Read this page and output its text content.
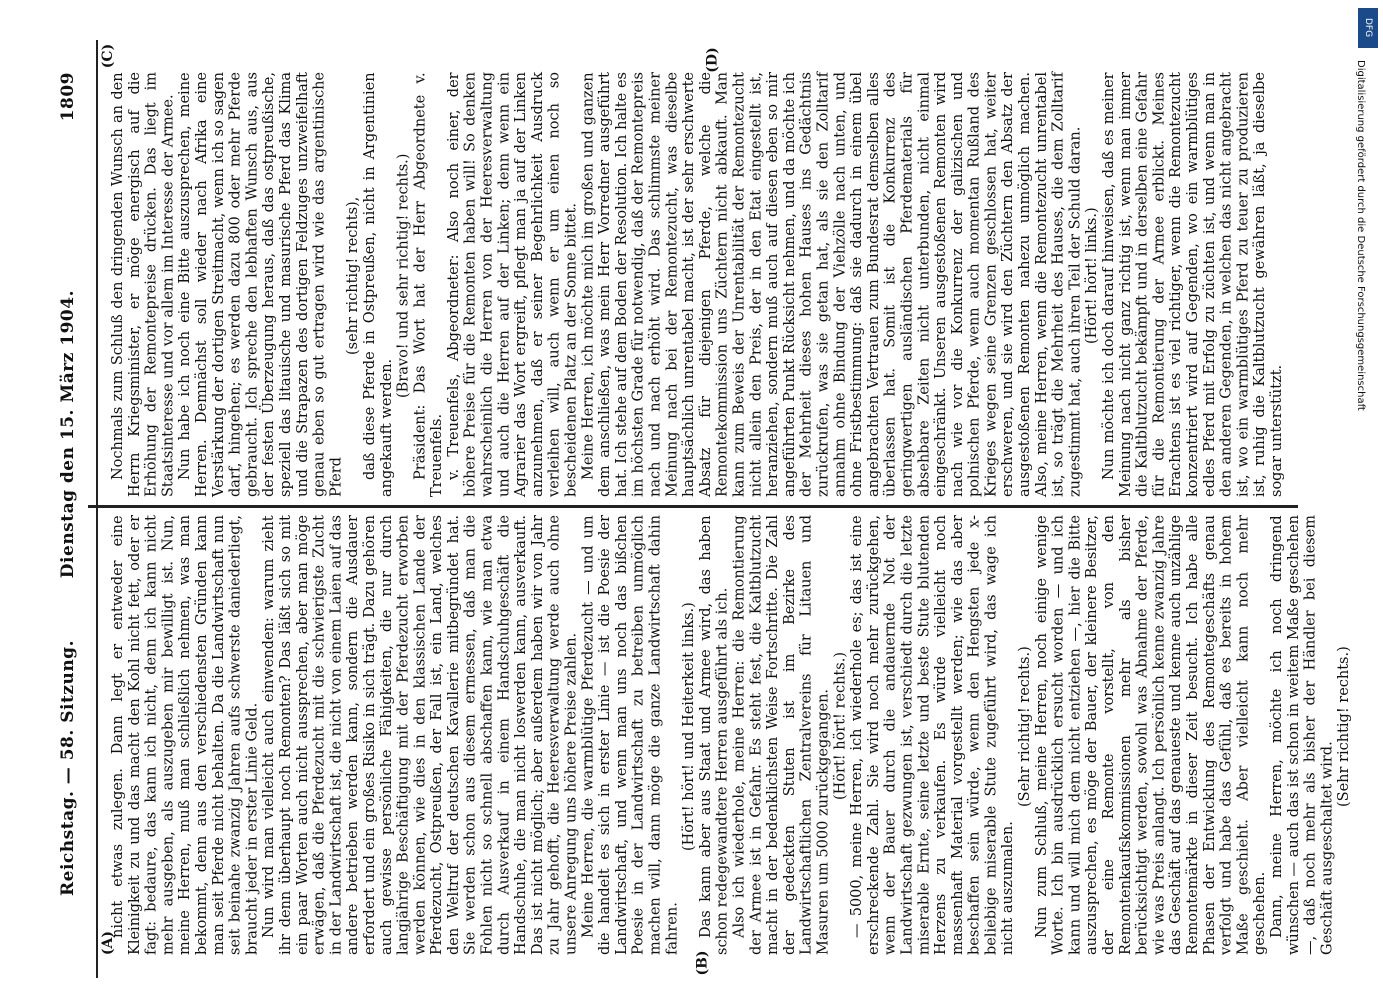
Reichstag. — 58. Sitzung.
Dienstag den 15. März 1904.
1809
(A)
(B)
(C)	(D)

nicht etwas zulegen. Dann legt er entweder eine Kleinigkeit zu und das macht den Kohl nicht fett, oder er fagt: bedaure, das kann ich nicht, denn ich kann nicht mehr ausgeben, als auszugeben mir bewilligt ist. Nun, meine Herren, muß man schließlich nehmen, was man bekommt, denn aus den verschiedensten Gründen kann man seit Pferde nicht behalten. Da die Landwirtschaft nun seit beinahe zwanzig Jahren aufs schwerste daniederliegt, braucht jeder in erster Linie Geld. Nun wird man vielleicht auch einwenden: warum zieht ihr denn überhaupt noch Remonten? Das läßt sich so mit ein paar Worten auch nicht aussprechen, aber man möge erwägen, daß die Pferdezucht mit die schwierigste Zucht in der Landwirtschaft ist, die nicht von einem Laien auf das andere betrieben werden kann, sondern die Ausdauer erfordert und ein großes Risiko in sich trägt. Dazu gehören auch gewisse persönliche Fähigkeiten, die nur durch langjährige Beschäftigung mit der Pferdezucht erworben werden können, wie dies in den klassischen Lande der Pferdezucht, Ostpreußen, der Fall ist, ein Land, welches den Weltruf der deutschen Kavallerie mitbegründet hat. Sie werden schon aus diesem ermessen, daß man die Fohlen nicht so schnell abschaffen kann, wie man etwa durch Ausverkauf in einem Handschuhgeschäft die Handschuhe, die man nicht loswerden kann, ausverkauft. Das ist nicht möglich; aber außerdem haben wir von Jahr zu Jahr gehofft, die Heeresverwaltung werde auch ohne unsere Anregung uns höhere Preise zahlen. Meine Herren, die warmblütige Pferdezucht — und um die handelt es sich in erster Linie — ist die Poesie der Landwirtschaft, und wenn man uns noch das bißchen Poesie in der Landwirtschaft zu betreiben unmöglich machen will, dann möge die ganze Landwirtschaft dahin fahren.

(Hört! hört! und Heiterkeit links.) Das kann aber aus Staat und Armee wird, das haben schon redegewandtere Herren ausgeführt als ich. Also ich wiederhole, meine Herren: die Remontierung der Armee ist in Gefahr. Es steht fest, die Kaltblutzucht macht in der bedenklichsten Weise Fortschritte. Die Zahl der gedeckten Stuten ist im Bezirke des Landwirtschaftlichen Zentralvereins für Litauen und Masuren um 5000 zurückgegangen. (Hört! hört! rechts.) — 5000, meine Herren, ich wiederhole es; das ist eine erschreckende Zahl. Sie wird noch mehr zurückgehen, wenn der Bauer durch die andauernde Not der Landwirtschaft gezwungen ist, verschiedt durch die letzte miserable Ernte, seine letzte und beste Stute blutenden Herzens zu verkaufen. Es würde vielleicht noch massenhaft Material vorgestellt werden; wie das aber beschaffen sein würde, wenn den Hengsten jede x-beliebige miserable Stute zugeführt wird, das wage ich nicht auszumalen.

(Sehr richtig! rechts.) Nun zum Schluß, meine Herren, noch einige wenige Worte. Ich bin ausdrücklich ersucht worden — und ich kann und will mich dem nicht entziehen —, hier die Bitte auszusprechen, es möge der Bauer, der kleinere Besitzer, der eine Remonte vorstellt, von den Remontenkaufskommissionen mehr als bisher berücksichtigt werden, sowohl was Abnahme der Pferde, wie was Preis anlangt. Ich persönlich kenne zwanzig Jahre das Geschäft auf das genaueste und kenne auch unzählige Remontemärkte in dieser Zeit besucht. Ich habe alle Phasen der Entwicklung des Remontegeschäfts genau verfolgt und habe das Gefühl, daß es bereits in hohem Maße geschieht. Aber vielleicht kann noch mehr geschehen. Dann, meine Herren, möchte ich noch dringend wünschen — auch das ist schon in weitem Maße geschehen —, daß noch mehr als bisher der Händler bei diesem Geschäft ausgeschaltet wird.

(Sehr richtig! rechts.)

Nochmals zum Schluß den dringenden Wunsch an den Herrn Kriegsminister, er möge energisch auf die Erhöhung der Remontepreise drücken. Das liegt im Staatsinteresse und vor allem im Interesse der Armee. Nun habe ich noch eine Bitte auszusprechen, meine Herren. Demnächst soll wieder nach Afrika eine Verstärkung der dortigen Streitmacht, wenn ich so sagen darf, hingehen; es werden dazu 800 oder mehr Pferde gebraucht. Ich spreche den lebhaften Wunsch aus, aus der festen Überzeugung heraus, daß das ostpreußische, speziell das litauische und masurische Pferd das Klima und die Strapazen des dortigen Feldzuges unzweifelhaft genau eben so gut ertragen wird wie das argentinische Pferd

(sehr richtig! rechts), daß diese Pferde in Ostpreußen, nicht in Argentinien angekauft werden.

(Bravo! und sehr richtig! rechts.) Präsident: Das Wort hat der Herr Abgeordnete v. Treuenfels. v. Treuenfels, Abgeordneter: Also noch einer, der höhere Preise für die Remonten haben will! So denken wahrscheinlich die Herren von der Heeresverwaltung und auch die Herren auf der Linken; denn wenn ein Agrarier das Wort ergreift, pflegt man ja auf der Linken anzunehmen, daß er seiner Begehrlichkeit Ausdruck verleihen will, auch wenn er um einen noch so bescheidenen Platz an der Sonne bittet. Meine Herren, ich möchte mich im großen und ganzen dem anschließen, was mein Herr Vorredner ausgeführt hat. Ich stehe auf dem Boden der Resolution. Ich halte es im höchsten Grade für notwendig, daß der Remontepreis nach und nach erhöht wird. Das schlimmste meiner Meinung nach bei der Remontezucht, was dieselbe hauptsächlich unrentabel macht, ist der sehr erschwerte Absatz für diejenigen Pferde, welche die Remontekommission uns Züchtern nicht abkauft. Man kann zum Beweis der Unrentabilität der Remontezucht nicht allein den Preis, der in den Etat eingestellt ist, heranziehen, sondern muß auch auf diesen eben so mir angeführten Punkt Rücksicht nehmen, und da möchte ich der Mehrheit dieses hohen Hauses ins Gedächtnis zurückrufen, was sie getan hat, als sie den Zolltarif annahm ohne Bindung der Viehzölle nach unten, und ohne Fristbestimmung: daß sie dadurch in einem übel angebrachten Vertrauen zum Bundesrat demselben alles überlassen hat. Somit ist die Konkurrenz des geringwertigen ausländischen Pferdematerials für absehbare Zeiten nicht unterbunden, nicht einmal eingeschränkt. Unseren ausgestoßenen Remonten wird nach wie vor die Konkurrenz der galizischen und polnischen Pferde, wenn auch momentan Rußland des Krieges wegen seine Grenzen geschlossen hat, weiter erschweren, und sie wird den Züchtern den Absatz der ausgestoßenen Remonten nahezu unmöglich machen. Also, meine Herren, wenn die Remontezucht unrentabel ist, so trägt die Mehrheit des Hauses, die dem Zolltarif zugestimmt hat, auch ihren Teil der Schuld daran. (Hört! hört! links.) Nun möchte ich doch darauf hinweisen, daß es meiner Meinung nach nicht ganz richtig ist, wenn man immer die Kaltblutzucht bekämpft und in derselben eine Gefahr für die Remontierung der Armee erblickt. Meines Erachtens ist es viel richtiger, wenn die Remontezucht konzentriert wird auf Gegenden, wo ein warmblütiges edles Pferd mit Erfolg zu züchten ist, und wenn man in den anderen Gegenden, in welchen das nicht angebracht ist, wo ein warmblütiges Pferd zu teuer zu produzieren ist, ruhig die Kaltblutzucht gewähren läßt, ja dieselbe sogar unterstützt.

DFG
Digitalisierung gefördert durch die Deutsche Forschungsgemeinschaft
